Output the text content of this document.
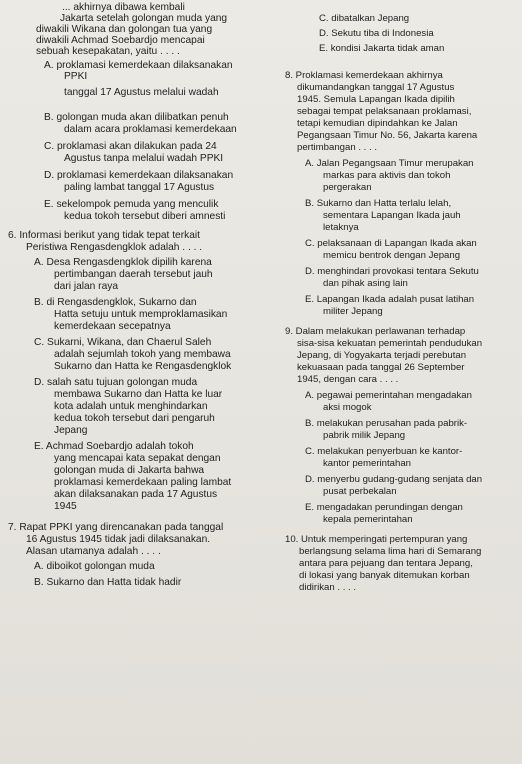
... akhirnya dibawa kembali
Jakarta setelah golongan muda yang
diwakili Wikana dan golongan tua yang
diwakili Achmad Soebardjo mencapai
sebuah kesepakatan, yaitu . . . .
A. proklamasi kemerdekaan dilaksanakan
PPKI
tanggal 17 Agustus melalui wadah
B. golongan muda akan dilibatkan penuh
dalam acara proklamasi kemerdekaan
C. proklamasi akan dilakukan pada 24
Agustus tanpa melalui wadah PPKI
D. proklamasi kemerdekaan dilaksanakan
paling lambat tanggal 17 Agustus
E. sekelompok pemuda yang menculik
kedua tokoh tersebut diberi amnesti
6. Informasi berikut yang tidak tepat terkait
Peristiwa Rengasdengklok adalah . . . .
A. Desa Rengasdengklok dipilih karena
pertimbangan daerah tersebut jauh
dari jalan raya
B. di Rengasdengklok, Sukarno dan
Hatta setuju untuk memproklamasikan
kemerdekaan secepatnya
C. Sukarni, Wikana, dan Chaerul Saleh
adalah sejumlah tokoh yang membawa
Sukarno dan Hatta ke Rengasdengklok
D. salah satu tujuan golongan muda
membawa Sukarno dan Hatta ke luar
kota adalah untuk menghindarkan
kedua tokoh tersebut dari pengaruh
Jepang
E. Achmad Soebardjo adalah tokoh
yang mencapai kata sepakat dengan
golongan muda di Jakarta bahwa
proklamasi kemerdekaan paling lambat
akan dilaksanakan pada 17 Agustus
1945
7. Rapat PPKI yang direncanakan pada tanggal
16 Agustus 1945 tidak jadi dilaksanakan.
Alasan utamanya adalah . . . .
A. diboikot golongan muda
B. Sukarno dan Hatta tidak hadir
C. dibatalkan Jepang
D. Sekutu tiba di Indonesia
E. kondisi Jakarta tidak aman
8. Proklamasi kemerdekaan akhirnya
dikumandangkan tanggal 17 Agustus
1945. Semula Lapangan Ikada dipilih
sebagai tempat pelaksanaan proklamasi,
tetapi kemudian dipindahkan ke Jalan
Pegangsaan Timur No. 56, Jakarta karena
pertimbangan . . . .
A. Jalan Pegangsaan Timur merupakan
markas para aktivis dan tokoh
pergerakan
B. Sukarno dan Hatta terlalu lelah,
sementara Lapangan Ikada jauh
letaknya
C. pelaksanaan di Lapangan Ikada akan
memicu bentrok dengan Jepang
D. menghindari provokasi tentara Sekutu
dan pihak asing lain
E. Lapangan Ikada adalah pusat latihan
militer Jepang
9. Dalam melakukan perlawanan terhadap
sisa-sisa kekuatan pemerintah pendudukan
Jepang, di Yogyakarta terjadi perebutan
kekuasaan pada tanggal 26 September
1945, dengan cara . . . .
A. pegawai pemerintahan mengadakan
aksi mogok
B. melakukan perusahan pada pabrik-
pabrik milik Jepang
C. melakukan penyerbuan ke kantor-
kantor pemerintahan
D. menyerbu gudang-gudang senjata dan
pusat perbekalan
E. mengadakan perundingan dengan
kepala pemerintahan
10. Untuk memperingati pertempuran yang
berlangsung selama lima hari di Semarang
antara para pejuang dan tentara Jepang,
di lokasi yang banyak ditemukan korban
didirikan . . . .
